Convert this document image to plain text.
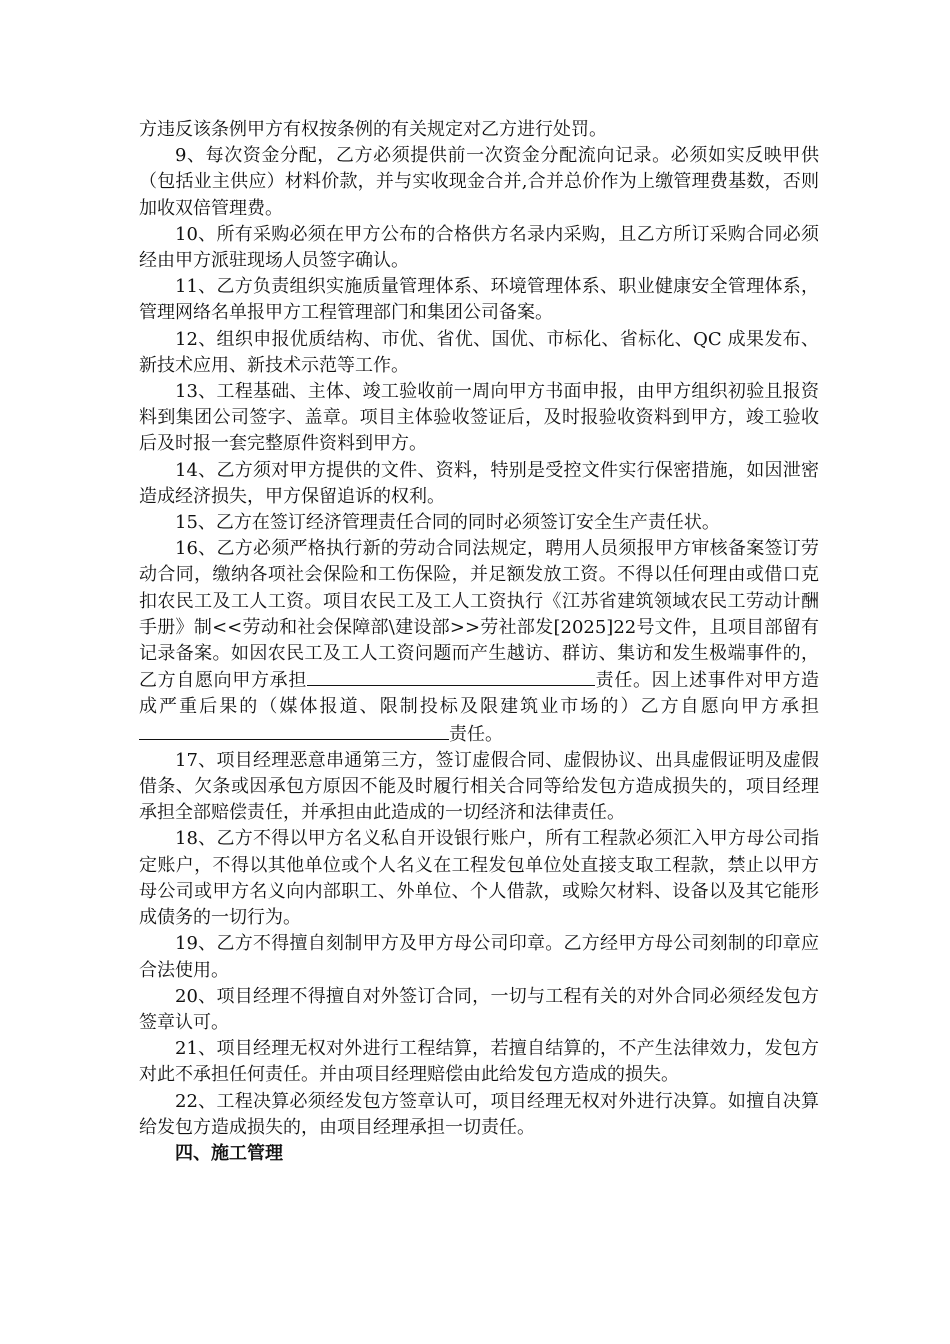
方违反该条例甲方有权按条例的有关规定对乙方进行处罚。

9、每次资金分配，乙方必须提供前一次资金分配流向记录。必须如实反映甲供（包括业主供应）材料价款，并与实收现金合并,合并总价作为上缴管理费基数，否则加收双倍管理费。

10、所有采购必须在甲方公布的合格供方名录内采购，且乙方所订采购合同必须经由甲方派驻现场人员签字确认。

11、乙方负责组织实施质量管理体系、环境管理体系、职业健康安全管理体系，管理网络名单报甲方工程管理部门和集团公司备案。

12、组织申报优质结构、市优、省优、国优、市标化、省标化、QC 成果发布、新技术应用、新技术示范等工作。

13、工程基础、主体、竣工验收前一周向甲方书面申报，由甲方组织初验且报资料到集团公司签字、盖章。项目主体验收签证后，及时报验收资料到甲方，竣工验收后及时报一套完整原件资料到甲方。

14、乙方须对甲方提供的文件、资料，特别是受控文件实行保密措施，如因泄密造成经济损失，甲方保留追诉的权利。

15、乙方在签订经济管理责任合同的同时必须签订安全生产责任状。

16、乙方必须严格执行新的劳动合同法规定，聘用人员须报甲方审核备案签订劳动合同，缴纳各项社会保险和工伤保险，并足额发放工资。不得以任何理由或借口克扣农民工及工人工资。项目农民工及工人工资执行《江苏省建筑领域农民工劳动计酬手册》制<<劳动和社会保障部\建设部>>劳社部发[2025]22号文件，且项目部留有记录备案。如因农民工及工人工资问题而产生越访、群访、集访和发生极端事件的，乙方自愿向甲方承担	责任。因上述事件对甲方造成严重后果的（媒体报道、限制投标及限建筑业市场的）乙方自愿向甲方承担责任。

17、项目经理恶意串通第三方，签订虚假合同、虚假协议、出具虚假证明及虚假借条、欠条或因承包方原因不能及时履行相关合同等给发包方造成损失的，项目经理承担全部赔偿责任，并承担由此造成的一切经济和法律责任。

18、乙方不得以甲方名义私自开设银行账户，所有工程款必须汇入甲方母公司指定账户，不得以其他单位或个人名义在工程发包单位处直接支取工程款，禁止以甲方母公司或甲方名义向内部职工、外单位、个人借款，或赊欠材料、设备以及其它能形成债务的一切行为。

19、乙方不得擅自刻制甲方及甲方母公司印章。乙方经甲方母公司刻制的印章应合法使用。

20、项目经理不得擅自对外签订合同，一切与工程有关的对外合同必须经发包方签章认可。

21、项目经理无权对外进行工程结算，若擅自结算的，不产生法律效力，发包方对此不承担任何责任。并由项目经理赔偿由此给发包方造成的损失。

22、工程决算必须经发包方签章认可，项目经理无权对外进行决算。如擅自决算给发包方造成损失的，由项目经理承担一切责任。

四、施工管理
